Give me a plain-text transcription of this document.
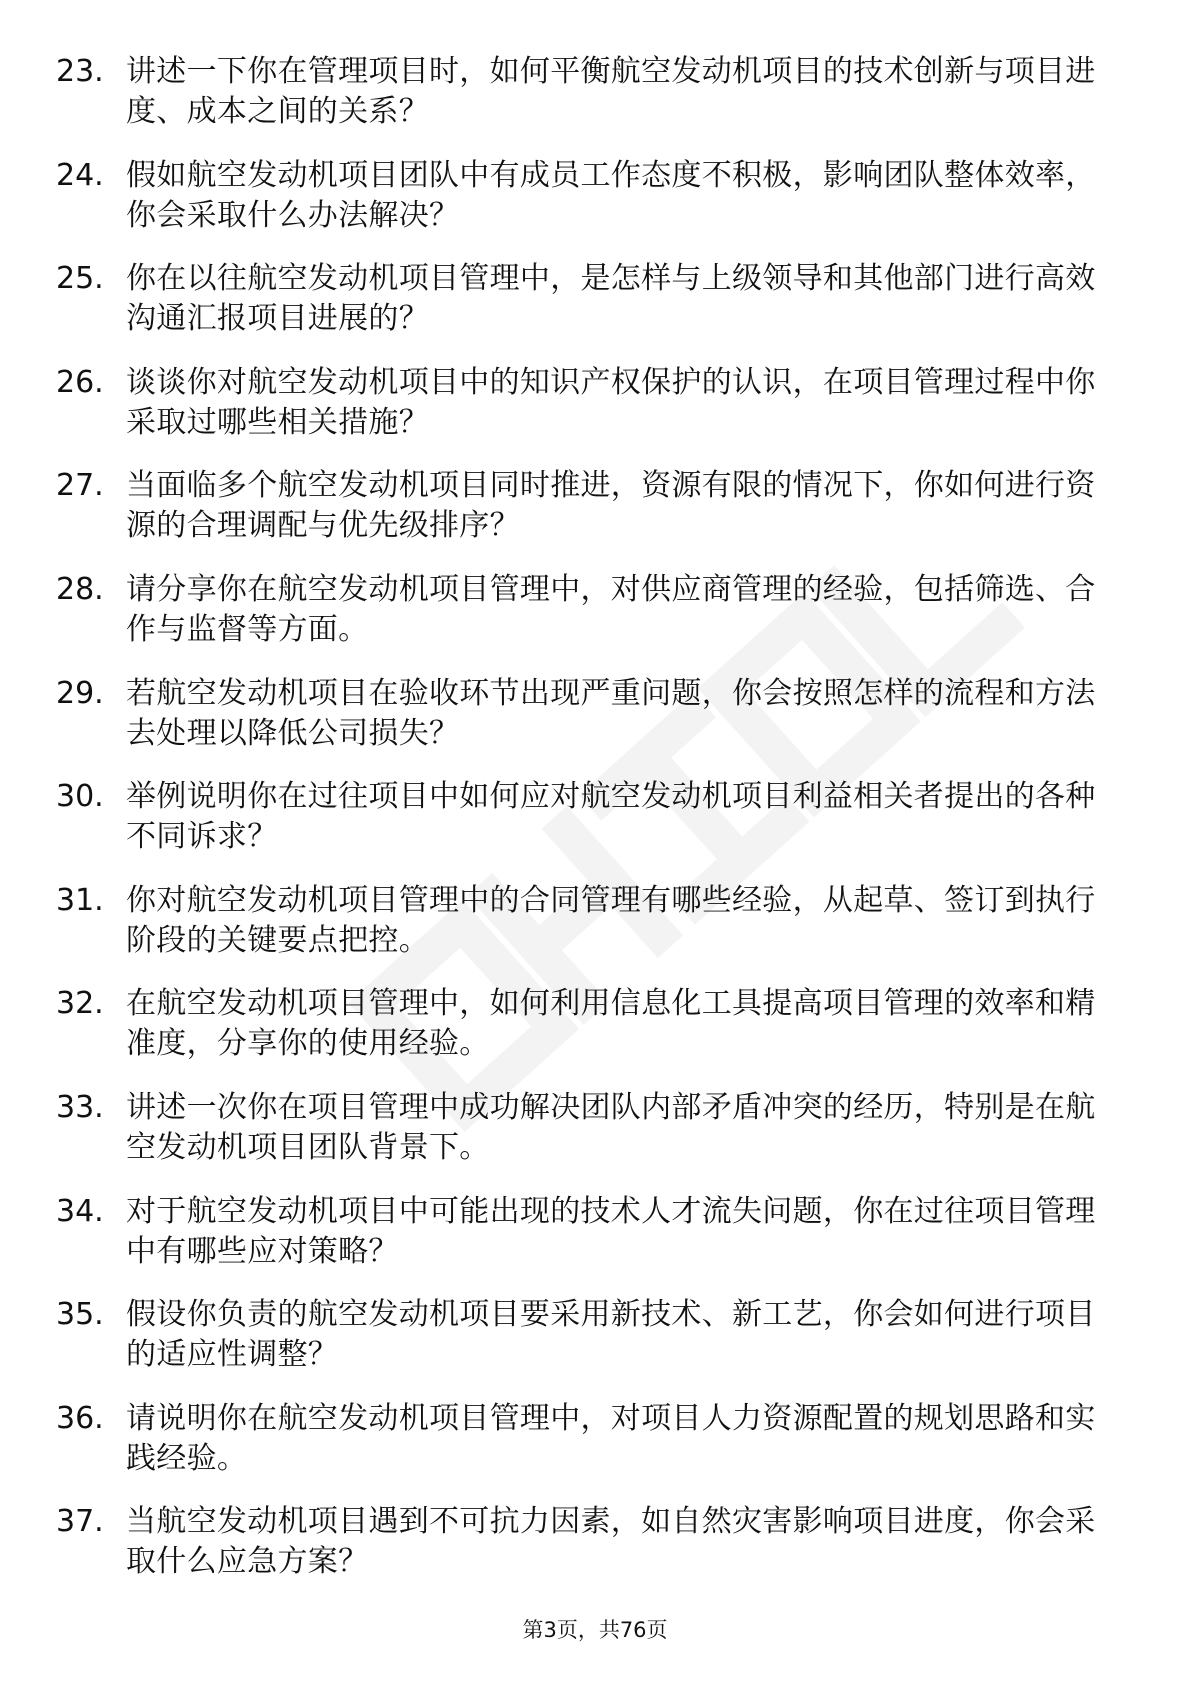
23. 讲述一下你在管理项目时，如何平衡航空发动机项目的技术创新与项目进度、成本之间的关系？
24. 假如航空发动机项目团队中有成员工作态度不积极，影响团队整体效率，你会采取什么办法解决？
25. 你在以往航空发动机项目管理中，是怎样与上级领导和其他部门进行高效沟通汇报项目进展的？
26. 谈谈你对航空发动机项目中的知识产权保护的认识，在项目管理过程中你采取过哪些相关措施？
27. 当面临多个航空发动机项目同时推进，资源有限的情况下，你如何进行资源的合理调配与优先级排序？
28. 请分享你在航空发动机项目管理中，对供应商管理的经验，包括筛选、合作与监督等方面。
29. 若航空发动机项目在验收环节出现严重问题，你会按照怎样的流程和方法去处理以降低公司损失？
30. 举例说明你在过往项目中如何应对航空发动机项目利益相关者提出的各种不同诉求？
31. 你对航空发动机项目管理中的合同管理有哪些经验，从起草、签订到执行阶段的关键要点把控。
32. 在航空发动机项目管理中，如何利用信息化工具提高项目管理的效率和精准度，分享你的使用经验。
33. 讲述一次你在项目管理中成功解决团队内部矛盾冲突的经历，特别是在航空发动机项目团队背景下。
34. 对于航空发动机项目中可能出现的技术人才流失问题，你在过往项目管理中有哪些应对策略？
35. 假设你负责的航空发动机项目要采用新技术、新工艺，你会如何进行项目的适应性调整？
36. 请说明你在航空发动机项目管理中，对项目人力资源配置的规划思路和实践经验。
37. 当航空发动机项目遇到不可抗力因素，如自然灾害影响项目进度，你会采取什么应急方案？
第3页，共76页
